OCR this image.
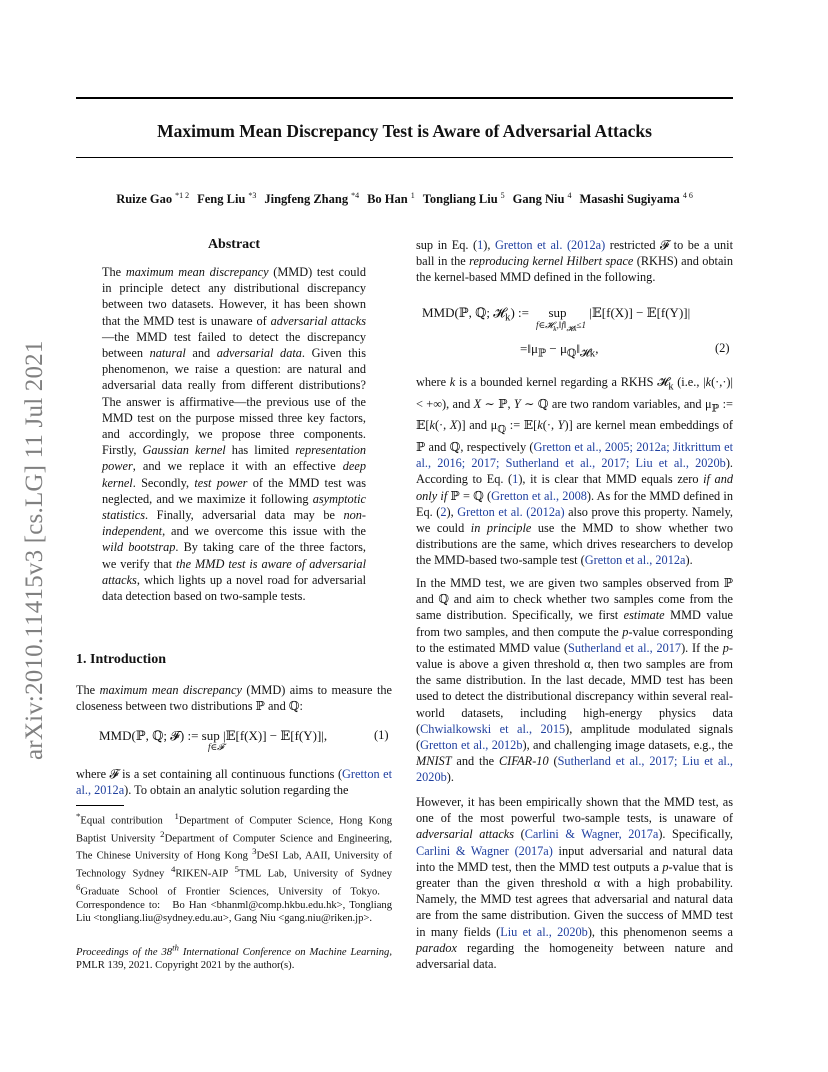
arXiv:2010.11415v3 [cs.LG] 11 Jul 2021
Maximum Mean Discrepancy Test is Aware of Adversarial Attacks
Ruize Gao $^{*1 2}$ Feng Liu $^{*3}$ Jingfeng Zhang $^{*4}$ Bo Han $^1$ Tongliang Liu $^5$ Gang Niu $^4$ Masashi Sugiyama $^{4 6}$
Abstract
The maximum mean discrepancy (MMD) test could in principle detect any distributional discrepancy between two datasets. However, it has been shown that the MMD test is unaware of adversarial attacks—the MMD test failed to detect the discrepancy between natural and adversarial data. Given this phenomenon, we raise a question: are natural and adversarial data really from different distributions? The answer is affirmative—the previous use of the MMD test on the purpose missed three key factors, and accordingly, we propose three components. Firstly, Gaussian kernel has limited representation power, and we replace it with an effective deep kernel. Secondly, test power of the MMD test was neglected, and we maximize it following asymptotic statistics. Finally, adversarial data may be non-independent, and we overcome this issue with the wild bootstrap. By taking care of the three factors, we verify that the MMD test is aware of adversarial attacks, which lights up a novel road for adversarial data detection based on two-sample tests.
1. Introduction
The maximum mean discrepancy (MMD) aims to measure the closeness between two distributions ℙ and ℚ:
MMD(ℙ, ℚ; 𝓕) := sup |𝔼[f(X)] − 𝔼[f(Y)]|,
f∈𝓕
(1)
where 𝓕 is a set containing all continuous functions (Gretton et al., 2012a). To obtain an analytic solution regarding the
*Equal contribution  $^1$Department of Computer Science, Hong Kong Baptist University $^2$Department of Computer Science and Engineering, The Chinese University of Hong Kong $^3$DeSI Lab, AAII, University of Technology Sydney $^4$RIKEN-AIP $^5$TML Lab, University of Sydney $^6$Graduate School of Frontier Sciences, University of Tokyo.   Correspondence to:   Bo Han <bhanml@comp.hkbu.edu.hk>, Tongliang Liu <tongliang.liu@sydney.edu.au>, Gang Niu <gang.niu@riken.jp>.
Proceedings of the 38th International Conference on Machine Learning, PMLR 139, 2021. Copyright 2021 by the author(s).
sup in Eq. (1), Gretton et al. (2012a) restricted 𝓕 to be a unit ball in the reproducing kernel Hilbert space (RKHS) and obtain the kernel-based MMD defined in the following.
MMD(ℙ, ℚ; 𝓗$_k$) :=      sup       |𝔼[f(X)] − 𝔼[f(Y)]|
$f\in 𝓗_k,‖f‖_{𝓗k}\le 1$
$=‖\mu_ℙ$ − $\mu_ℚ‖_{𝓗k}$,	(2)
where k is a bounded kernel regarding a RKHS 𝓗$_k$ (i.e., |k(·,·)| < +∞), and X ∼ ℙ, Y ∼ ℚ are two random variables, and $\mu_ℙ$ := 𝔼[k(·, X)] and $\mu_ℚ$ := 𝔼[k(·, Y)] are kernel mean embeddings of ℙ and ℚ, respectively (Gretton et al., 2005; 2012a; Jitkrittum et al., 2016; 2017; Sutherland et al., 2017; Liu et al., 2020b). According to Eq. (1), it is clear that MMD equals zero if and only if ℙ = ℚ (Gretton et al., 2008). As for the MMD defined in Eq. (2), Gretton et al. (2012a) also prove this property. Namely, we could in principle use the MMD to show whether two distributions are the same, which drives researchers to develop the MMD-based two-sample test (Gretton et al., 2012a).
In the MMD test, we are given two samples observed from ℙ and ℚ and aim to check whether two samples come from the same distribution. Specifically, we first estimate MMD value from two samples, and then compute the p-value corresponding to the estimated MMD value (Sutherland et al., 2017). If the p-value is above a given threshold α, then two samples are from the same distribution. In the last decade, MMD test has been used to detect the distributional discrepancy within several real-world datasets, including high-energy physics data (Chwialkowski et al., 2015), amplitude modulated signals (Gretton et al., 2012b), and challenging image datasets, e.g., the MNIST and the CIFAR-10 (Sutherland et al., 2017; Liu et al., 2020b).
However, it has been empirically shown that the MMD test, as one of the most powerful two-sample tests, is unaware of adversarial attacks (Carlini & Wagner, 2017a). Specifically, Carlini & Wagner (2017a) input adversarial and natural data into the MMD test, then the MMD test outputs a p-value that is greater than the given threshold α with a high probability. Namely, the MMD test agrees that adversarial and natural data are from the same distribution. Given the success of MMD test in many fields (Liu et al., 2020b), this phenomenon seems a paradox regarding the homogeneity between nature and adversarial data.
